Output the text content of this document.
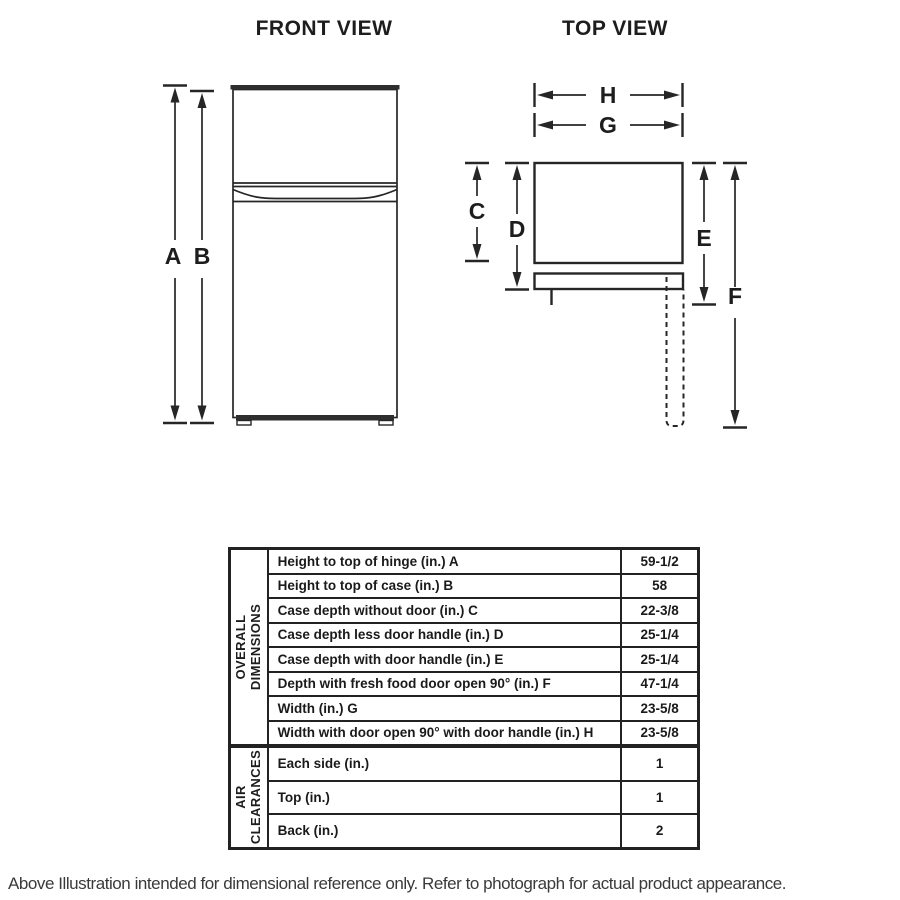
FRONT VIEW	TOP VIEW
A B
H
G
C
D	E
F
OVERALL
DIMENSIONS	Height to top of hinge (in.) A	59-1/2
	Height to top of case (in.) B	58
	Case depth without door (in.) C	22-3/8
	Case depth less door handle (in.) D	25-1/4
	Case depth with door handle (in.) E	25-1/4
	Depth with fresh food door open 90° (in.) F	47-1/4
	Width (in.) G	23-5/8
	Width with door open 90° with door handle (in.) H	23-5/8

AIR
CLEARANCES	Each side (in.)	1
	Top (in.)	1
	Back (in.)	2
Above Illustration intended for dimensional reference only. Refer to photograph for actual product appearance.
